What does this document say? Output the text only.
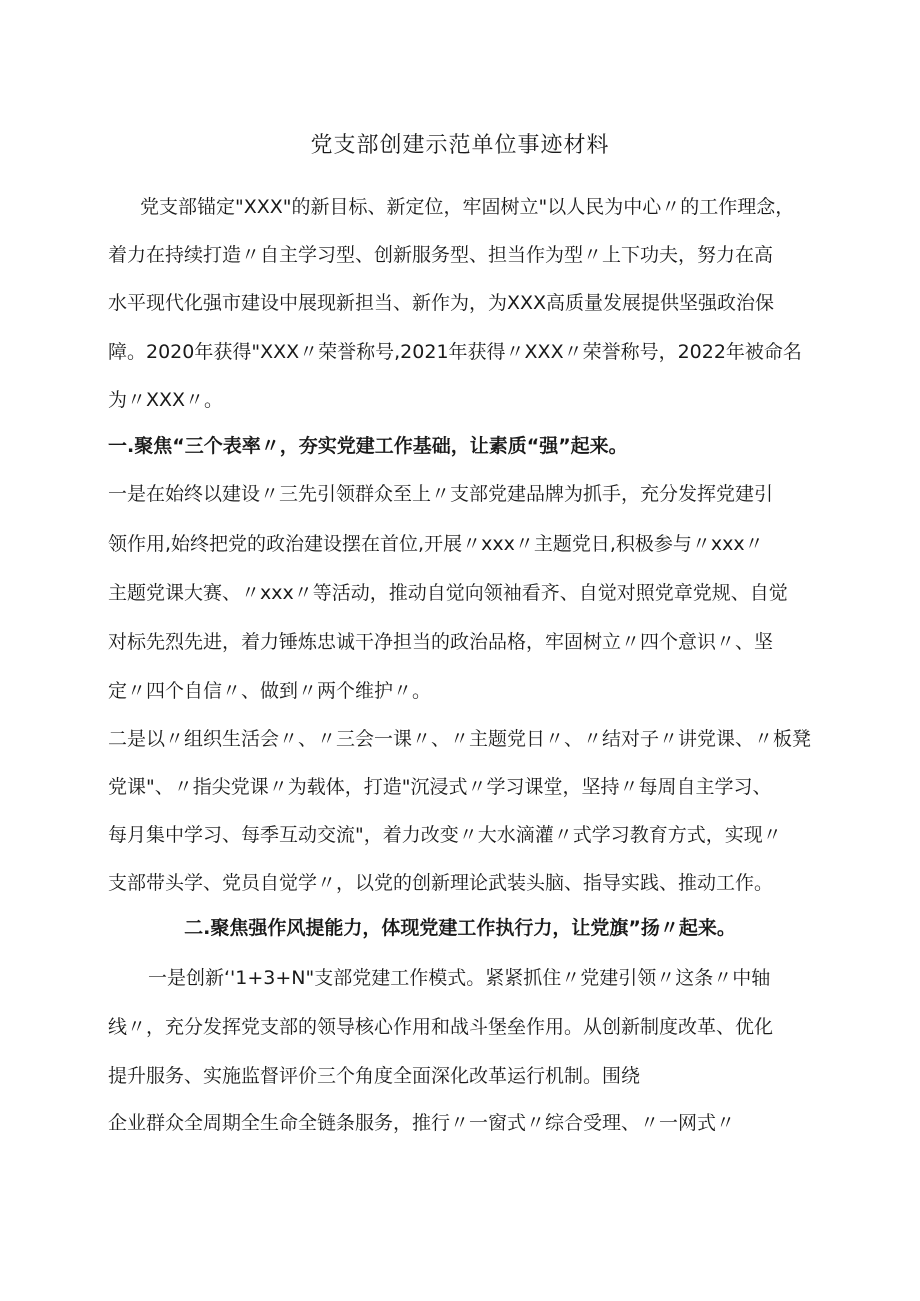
党支部创建示范单位事迹材料
党支部锚定"XXX"的新目标、新定位，牢固树立"以人民为中心〃的工作理念，
着力在持续打造〃自主学习型、创新服务型、担当作为型〃上下功夫，努力在高
水平现代化强市建设中展现新担当、新作为，为XXX高质量发展提供坚强政治保
障。2020年获得"XXX〃荣誉称号,2021年获得〃XXX〃荣誉称号，2022年被命名
为〃XXX〃。
一.聚焦“三个表率〃，夯实党建工作基础，让素质“强”起来。
一是在始终以建设〃三先引领群众至上〃支部党建品牌为抓手，充分发挥党建引
领作用,始终把党的政治建设摆在首位,开展〃xxx〃主题党日,积极参与〃xxx〃
主题党课大赛、〃xxx〃等活动，推动自觉向领袖看齐、自觉对照党章党规、自觉
对标先烈先进，着力锤炼忠诚干净担当的政治品格，牢固树立〃四个意识〃、坚
定〃四个自信〃、做到〃两个维护〃。
二是以〃组织生活会〃、〃三会一课〃、〃主题党日〃、〃结对子〃讲党课、〃板凳
党课"、〃指尖党课〃为载体，打造"沉浸式〃学习课堂，坚持〃每周自主学习、
每月集中学习、每季互动交流"，着力改变〃大水滴灌〃式学习教育方式，实现〃
支部带头学、党员自觉学〃，以党的创新理论武装头脑、指导实践、推动工作。
二.聚焦强作风提能力，体现党建工作执行力，让党旗”扬〃起来。
一是创新‘'1+3+N"支部党建工作模式。紧紧抓住〃党建引领〃这条〃中轴
线〃，充分发挥党支部的领导核心作用和战斗堡垒作用。从创新制度改革、优化
提升服务、实施监督评价三个角度全面深化改革运行机制。围绕
企业群众全周期全生命全链条服务，推行〃一窗式〃综合受理、〃一网式〃
